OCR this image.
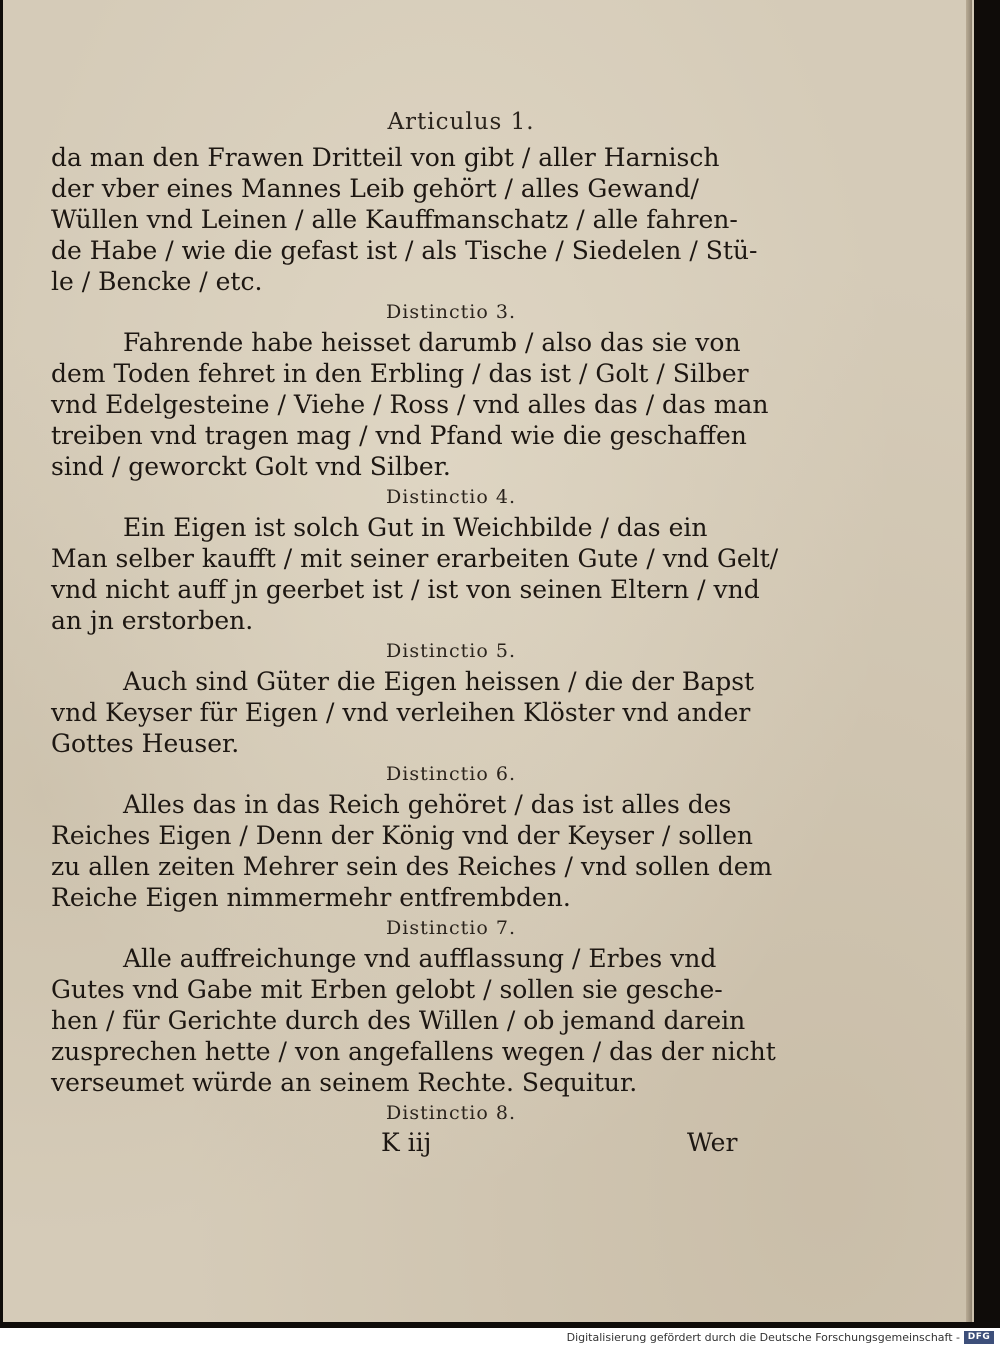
Articulus 1.
da man den Frawen Dritteil von gibt / aller Harnisch
der vber eines Mannes Leib gehört / alles Gewand/
Wüllen vnd Leinen / alle Kauffmanschatz / alle fahren-
de Habe / wie die gefast ist / als Tische / Siedelen / Stü-
le / Bencke / etc.
Distinctio 3.
Fahrende habe heisset darumb / also das sie von
dem Toden fehret in den Erbling / das ist / Golt / Silber
vnd Edelgesteine / Viehe / Ross / vnd alles das / das man
treiben vnd tragen mag / vnd Pfand wie die geschaffen
sind / geworckt Golt vnd Silber.
Distinctio 4.
Ein Eigen ist solch Gut in Weichbilde / das ein
Man selber kaufft / mit seiner erarbeiten Gute / vnd Gelt/
vnd nicht auff jn geerbet ist / ist von seinen Eltern / vnd
an jn erstorben.
Distinctio 5.
Auch sind Güter die Eigen heissen / die der Bapst
vnd Keyser für Eigen / vnd verleihen Klöster vnd ander
Gottes Heuser.
Distinctio 6.
Alles das in das Reich gehöret / das ist alles des
Reiches Eigen / Denn der König vnd der Keyser / sollen
zu allen zeiten Mehrer sein des Reiches / vnd sollen dem
Reiche Eigen nimmermehr entfrembden.
Distinctio 7.
Alle auffreichunge vnd aufflassung / Erbes vnd
Gutes vnd Gabe mit Erben gelobt / sollen sie gesche-
hen / für Gerichte durch des Willen / ob jemand darein
zusprechen hette / von angefallens wegen / das der nicht
verseumet würde an seinem Rechte. Sequitur.
Distinctio 8.
K iij	Wer
Digitalisierung gefördert durch die Deutsche Forschungsgemeinschaft - DFG
